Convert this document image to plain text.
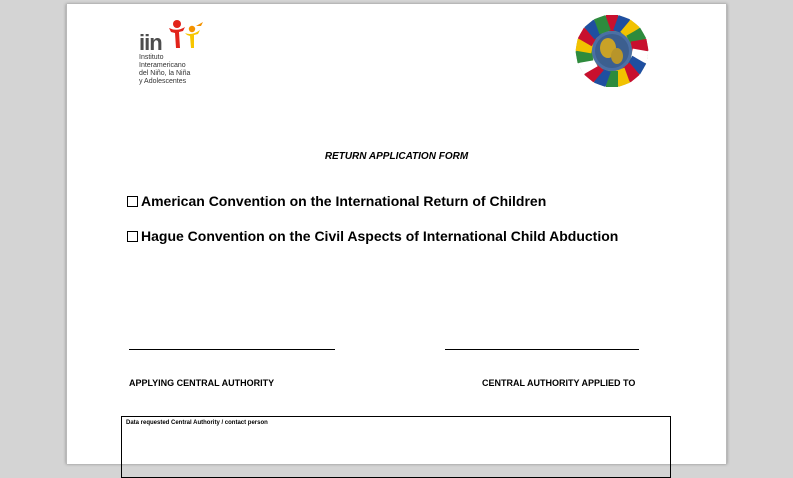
iin
Instituto
Interamericano
del Niño, la Niña
y Adolescentes
RETURN APPLICATION FORM
American Convention on the International Return of Children
Hague Convention on the Civil Aspects of International Child Abduction
APPLYING CENTRAL AUTHORITY	CENTRAL AUTHORITY APPLIED TO
Data requested Central Authority / contact person
